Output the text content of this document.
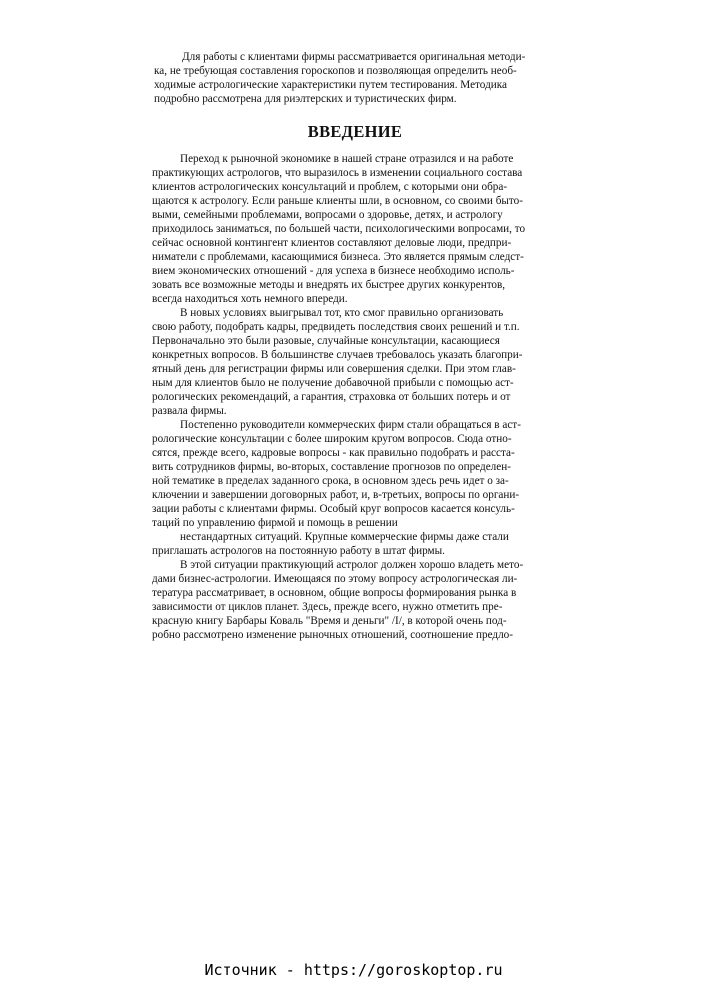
Для работы с клиентами фирмы рассматривается оригинальная методи-

ка, не требующая составления гороскопов и позволяющая определить необ-

ходимые астрологические характеристики путем тестирования. Методика

подробно рассмотрена для риэлтерских и туристических фирм.

ВВЕДЕНИЕ

Переход к рыночной экономике в нашей стране отразился и на работе

практикующих астрологов, что выразилось в изменении социального состава

клиентов астрологических консультаций и проблем, с которыми они обра-

щаются к астрологу. Если раньше клиенты шли, в основном, со своими быто-

выми, семейными проблемами, вопросами о здоровье, детях, и астрологу

приходилось заниматься, по большей части, психологическими вопросами, то

сейчас основной контингент клиентов составляют деловые люди, предпри-

ниматели с проблемами, касающимися бизнеса. Это является прямым следст-

вием экономических отношений - для успеха в бизнесе необходимо исполь-

зовать все возможные методы и внедрять их быстрее других конкурентов,

всегда находиться хоть немного впереди.

В новых условиях выигрывал тот, кто смог правильно организовать

свою работу, подобрать кадры, предвидеть последствия своих решений и т.п.

Первоначально это были разовые, случайные консультации, касающиеся

конкретных вопросов. В большинстве случаев требовалось указать благопри-

ятный день для регистрации фирмы или совершения сделки. При этом глав-

ным для клиентов было не получение добавочной прибыли с помощью аст-

рологических рекомендаций, а гарантия, страховка от больших потерь и от

развала фирмы.

Постепенно руководители коммерческих фирм стали обращаться в аст-

рологические консультации с более широким кругом вопросов. Сюда отно-

сятся, прежде всего, кадровые вопросы - как правильно подобрать и расста-

вить сотрудников фирмы, во-вторых, составление прогнозов по определен-

ной тематике в пределах заданного срока, в основном здесь речь идет о за-

ключении и завершении договорных работ, и, в-третьих, вопросы по органи-

зации работы с клиентами фирмы. Особый круг вопросов касается консуль-

таций по управлению фирмой и помощь в решении

нестандартных ситуаций. Крупные коммерческие фирмы даже стали

приглашать астрологов на постоянную работу в штат фирмы.

В этой ситуации практикующий астролог должен хорошо владеть мето-

дами бизнес-астрологии. Имеющаяся по этому вопросу астрологическая ли-

тература рассматривает, в основном, общие вопросы формирования рынка в

зависимости от циклов планет. Здесь, прежде всего, нужно отметить пре-

красную книгу Барбары Коваль "Время и деньги" /I/, в которой очень под-

робно рассмотрено изменение рыночных отношений, соотношение предло-

Источник - https://goroskoptop.ru
